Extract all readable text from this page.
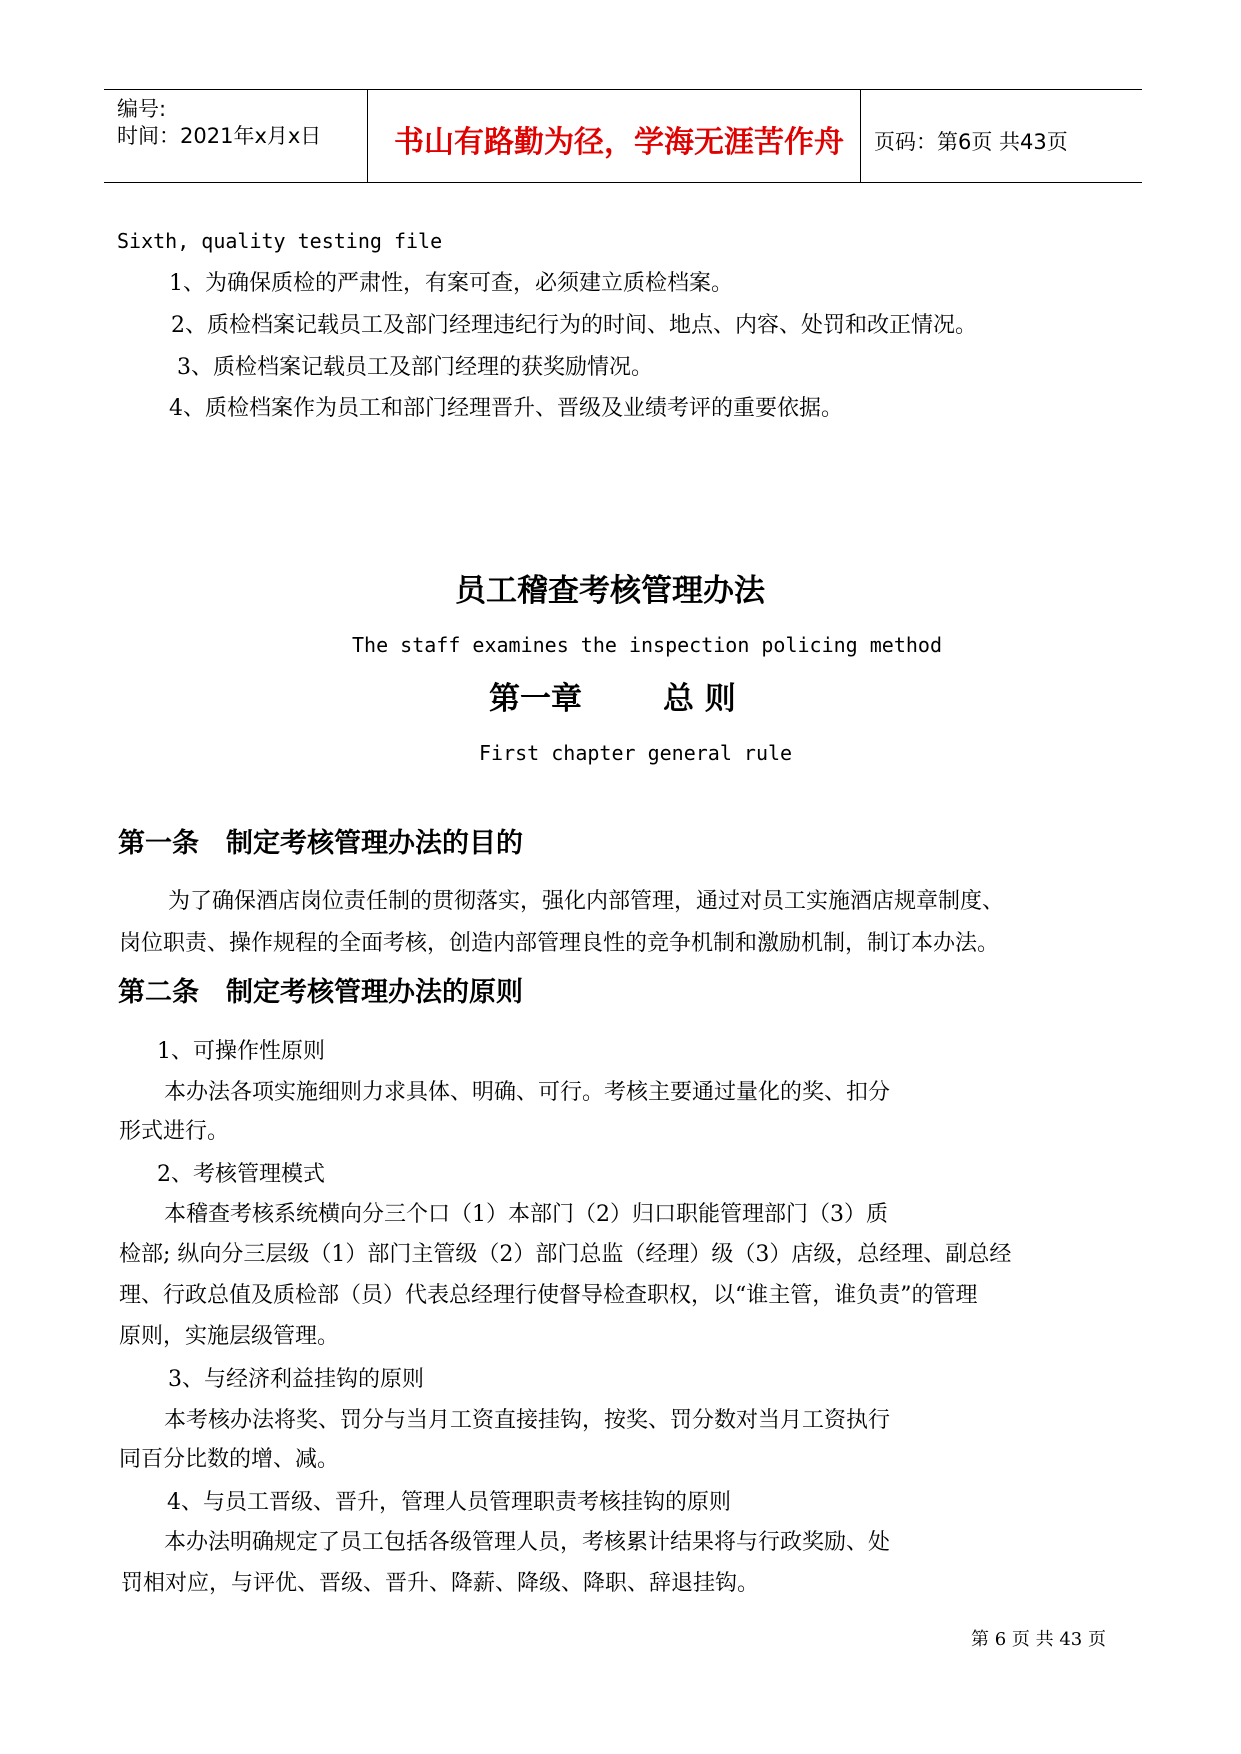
编号:
时间：2021年x月x日 书山有路勤为径，学海无涯苦作舟 页码：第6页 共43页
Sixth, quality testing file
1、为确保质检的严肃性，有案可查，必须建立质检档案。
2、质检档案记载员工及部门经理违纪行为的时间、地点、内容、处罚和改正情况。
3、质检档案记载员工及部门经理的获奖励情况。
4、质检档案作为员工和部门经理晋升、晋级及业绩考评的重要依据。
员工稽查考核管理办法
The staff examines the inspection policing method
第一章	总 则
First chapter general rule
第一条　制定考核管理办法的目的
为了确保酒店岗位责任制的贯彻落实，强化内部管理，通过对员工实施酒店规章制度、
岗位职责、操作规程的全面考核，创造内部管理良性的竞争机制和激励机制，制订本办法。
第二条　制定考核管理办法的原则
1、可操作性原则
本办法各项实施细则力求具体、明确、可行。考核主要通过量化的奖、扣分
形式进行。
2、考核管理模式
本稽查考核系统横向分三个口（1）本部门（2）归口职能管理部门（3）质
检部; 纵向分三层级（1）部门主管级（2）部门总监（经理）级（3）店级，总经理、副总经
理、行政总值及质检部（员）代表总经理行使督导检查职权，以“谁主管，谁负责”的管理
原则，实施层级管理。
3、与经济利益挂钩的原则
本考核办法将奖、罚分与当月工资直接挂钩，按奖、罚分数对当月工资执行
同百分比数的增、减。
4、与员工晋级、晋升，管理人员管理职责考核挂钩的原则
本办法明确规定了员工包括各级管理人员，考核累计结果将与行政奖励、处
罚相对应，与评优、晋级、晋升、降薪、降级、降职、辞退挂钩。
第 6 页 共 43 页
